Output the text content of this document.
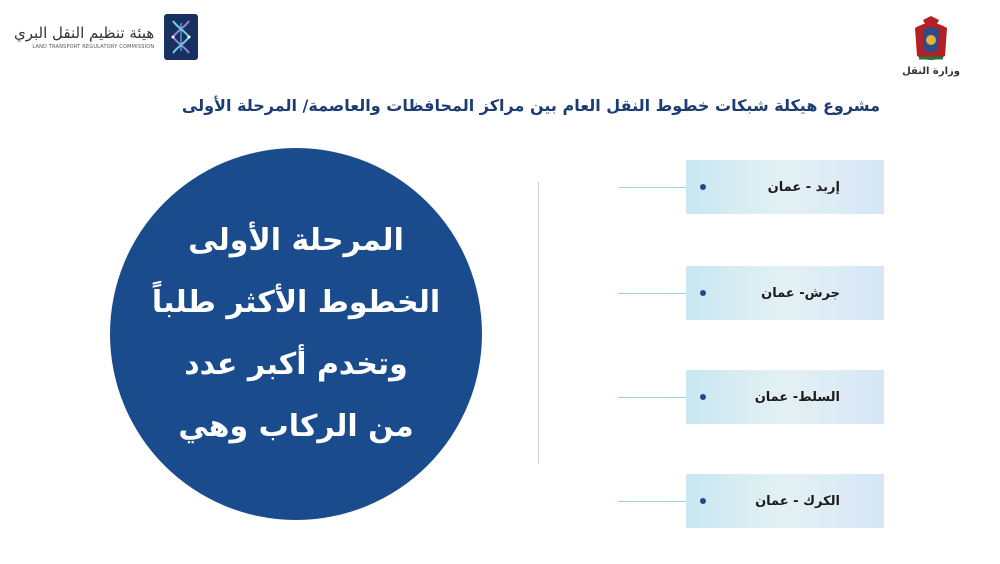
هيئة تنظيم النقل البري
LAND TRANSPORT REGULATORY COMMISSION
وزارة النقل
مشروع هيكلة شبكات خطوط النقل العام بين مراكز المحافظات والعاصمة/ المرحلة الأولى
المرحلة الأولى
الخطوط الأكثر طلباً
وتخدم أكبر عدد
من الركاب وهي
إربد - عمان
جرش- عمان
السلط- عمان
الكرك - عمان
